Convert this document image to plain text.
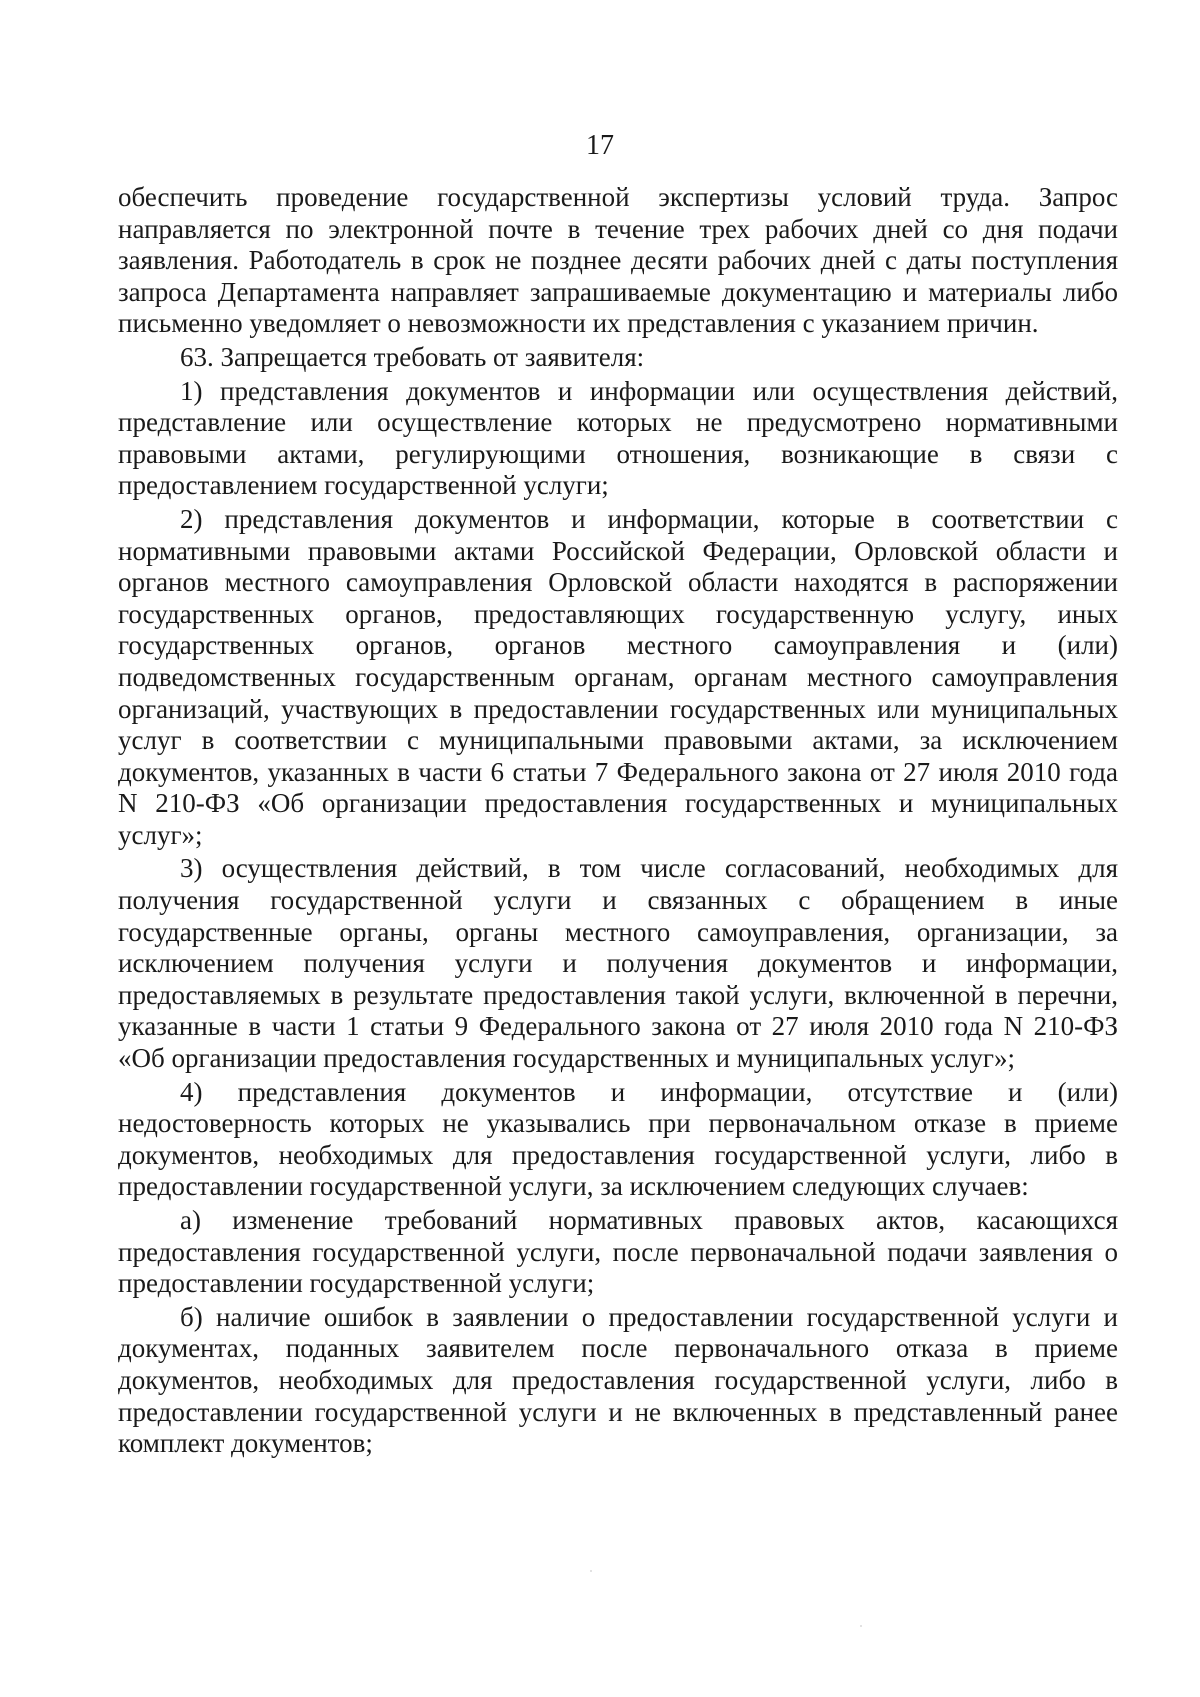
17

обеспечить проведение государственной экспертизы условий труда. Запрос направляется по электронной почте в течение трех рабочих дней со дня подачи заявления. Работодатель в срок не позднее десяти рабочих дней с даты поступления запроса Департамента направляет запрашиваемые документацию и материалы либо письменно уведомляет о невозможности их представления с указанием причин.

63. Запрещается требовать от заявителя:

1) представления документов и информации или осуществления действий, представление или осуществление которых не предусмотрено нормативными правовыми актами, регулирующими отношения, возникающие в связи с предоставлением государственной услуги;

2) представления документов и информации, которые в соответствии с нормативными правовыми актами Российской Федерации, Орловской области и органов местного самоуправления Орловской области находятся в распоряжении государственных органов, предоставляющих государственную услугу, иных государственных органов, органов местного самоуправления и (или) подведомственных государственным органам, органам местного самоуправления организаций, участвующих в предоставлении государственных или муниципальных услуг в соответствии с муниципальными правовыми актами, за исключением документов, указанных в части 6 статьи 7 Федерального закона от 27 июля 2010 года N 210-ФЗ «Об организации предоставления государственных и муниципальных услуг»;

3) осуществления действий, в том числе согласований, необходимых для получения государственной услуги и связанных с обращением в иные государственные органы, органы местного самоуправления, организации, за исключением получения услуги и получения документов и информации, предоставляемых в результате предоставления такой услуги, включенной в перечни, указанные в части 1 статьи 9 Федерального закона от 27 июля 2010 года N 210-ФЗ «Об организации предоставления государственных и муниципальных услуг»;

4) представления документов и информации, отсутствие и (или) недостоверность которых не указывались при первоначальном отказе в приеме документов, необходимых для предоставления государственной услуги, либо в предоставлении государственной услуги, за исключением следующих случаев:

а) изменение требований нормативных правовых актов, касающихся предоставления государственной услуги, после первоначальной подачи заявления о предоставлении государственной услуги;

б) наличие ошибок в заявлении о предоставлении государственной услуги и документах, поданных заявителем после первоначального отказа в приеме документов, необходимых для предоставления государственной услуги, либо в предоставлении государственной услуги и не включенных в представленный ранее комплект документов;
